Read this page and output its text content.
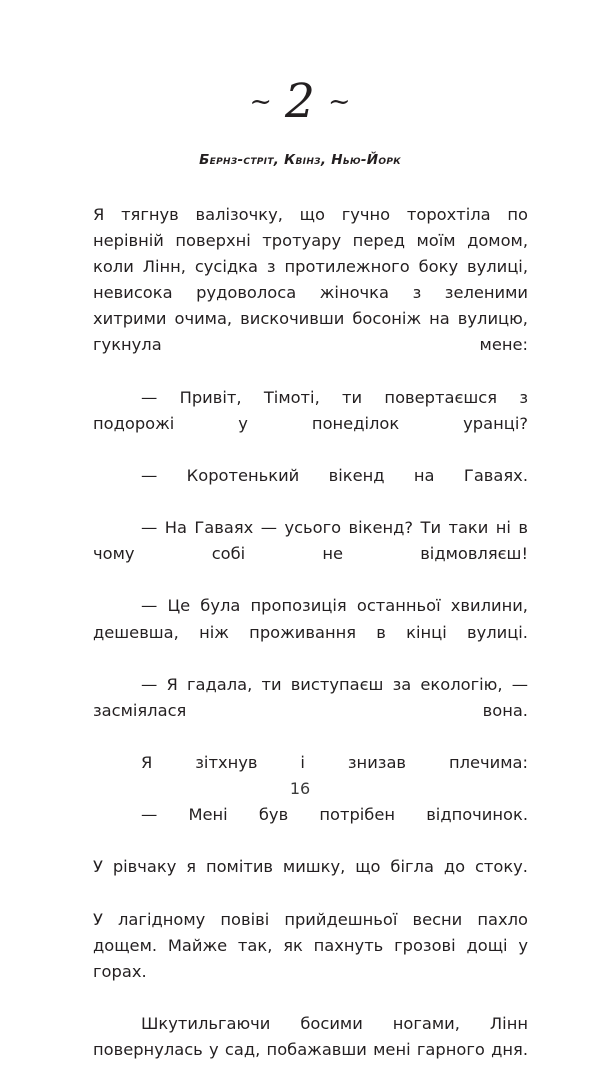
~ 2 ~
Бернз-стріт, Квінз, Нью-Йорк

Я тягнув валізочку, що гучно торохтіла по нерівній поверхні тротуару перед моїм домом, коли Лінн, сусідка з протилежного боку вулиці, невисока рудоволоса жіночка з зеленими хитрими очима, вискочивши босоніж на вулицю, гукнула мене:

— Привіт, Тімоті, ти повертаєшся з подорожі у понеділок уранці?

— Коротенький вікенд на Гаваях.

— На Гаваях — усього вікенд? Ти таки ні в чому собі не відмовляєш!

— Це була пропозиція останньої хвилини, дешевша, ніж проживання в кінці вулиці.

— Я гадала, ти виступаєш за екологію, — засміялася вона.

Я зітхнув і знизав плечима:

— Мені був потрібен відпочинок.

У рівчаку я помітив мишку, що бігла до стоку.

У лагідному повіві прийдешньої весни пахло дощем. Майже так, як пахнуть грозові дощі у горах.

Шкутильгаючи босими ногами, Лінн повернулась у сад, побажавши мені гарного дня.

16
